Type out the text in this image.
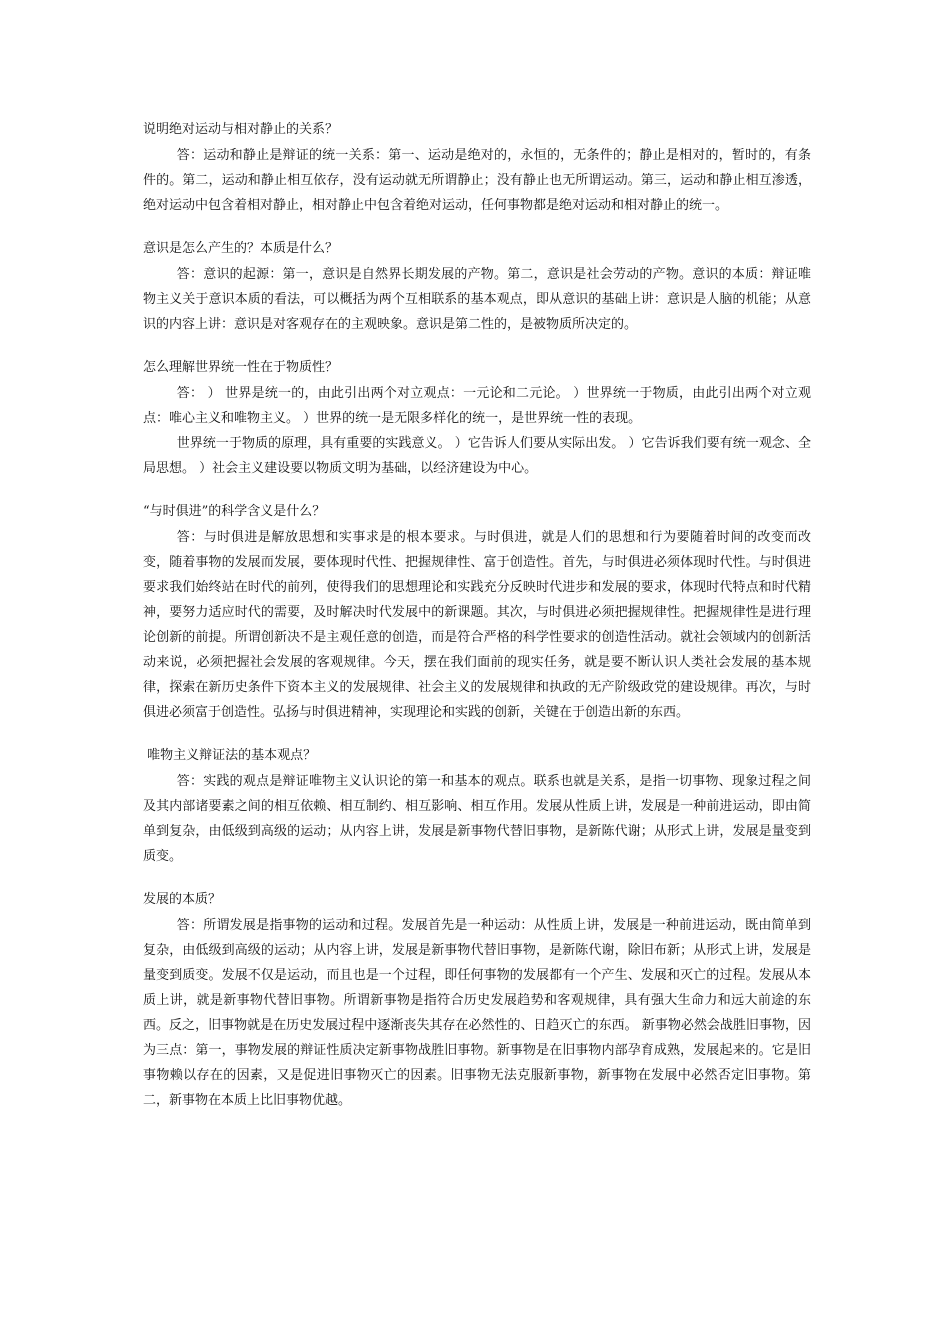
说明绝对运动与相对静止的关系？

答：运动和静止是辩证的统一关系：第一、运动是绝对的，永恒的，无条件的；静止是相对的，暂时的，有条件的。第二，运动和静止相互依存，没有运动就无所谓静止；没有静止也无所谓运动。第三，运动和静止相互渗透，绝对运动中包含着相对静止，相对静止中包含着绝对运动，任何事物都是绝对运动和相对静止的统一。

意识是怎么产生的？本质是什么？

答：意识的起源：第一，意识是自然界长期发展的产物。第二，意识是社会劳动的产物。意识的本质：辩证唯物主义关于意识本质的看法，可以概括为两个互相联系的基本观点，即从意识的基础上讲：意识是人脑的机能；从意识的内容上讲：意识是对客观存在的主观映象。意识是第二性的，是被物质所决定的。

怎么理解世界统一性在于物质性？

答： ） 世界是统一的，由此引出两个对立观点：一元论和二元论。 ）世界统一于物质，由此引出两个对立观点：唯心主义和唯物主义。 ）世界的统一是无限多样化的统一，是世界统一性的表现。

世界统一于物质的原理，具有重要的实践意义。 ）它告诉人们要从实际出发。 ）它告诉我们要有统一观念、全局思想。 ）社会主义建设要以物质文明为基础，以经济建设为中心。

“与时俱进”的科学含义是什么？

答：与时俱进是解放思想和实事求是的根本要求。与时俱进，就是人们的思想和行为要随着时间的改变而改变，随着事物的发展而发展，要体现时代性、把握规律性、富于创造性。首先，与时俱进必须体现时代性。与时俱进要求我们始终站在时代的前列，使得我们的思想理论和实践充分反映时代进步和发展的要求，体现时代特点和时代精神，要努力适应时代的需要，及时解决时代发展中的新课题。其次，与时俱进必须把握规律性。把握规律性是进行理论创新的前提。所谓创新决不是主观任意的创造，而是符合严格的科学性要求的创造性活动。就社会领域内的创新活动来说，必须把握社会发展的客观规律。今天，摆在我们面前的现实任务，就是要不断认识人类社会发展的基本规律，探索在新历史条件下资本主义的发展规律、社会主义的发展规律和执政的无产阶级政党的建设规律。再次，与时俱进必须富于创造性。弘扬与时俱进精神，实现理论和实践的创新，关键在于创造出新的东西。

唯物主义辩证法的基本观点？

答：实践的观点是辩证唯物主义认识论的第一和基本的观点。联系也就是关系，是指一切事物、现象过程之间及其内部诸要素之间的相互依赖、相互制约、相互影响、相互作用。发展从性质上讲，发展是一种前进运动，即由简单到复杂，由低级到高级的运动；从内容上讲，发展是新事物代替旧事物，是新陈代谢；从形式上讲，发展是量变到质变。

发展的本质？

答：所谓发展是指事物的运动和过程。发展首先是一种运动：从性质上讲，发展是一种前进运动，既由简单到复杂，由低级到高级的运动；从内容上讲，发展是新事物代替旧事物，是新陈代谢，除旧布新；从形式上讲，发展是量变到质变。发展不仅是运动，而且也是一个过程，即任何事物的发展都有一个产生、发展和灭亡的过程。发展从本质上讲，就是新事物代替旧事物。所谓新事物是指符合历史发展趋势和客观规律，具有强大生命力和远大前途的东西。反之，旧事物就是在历史发展过程中逐渐丧失其存在必然性的、日趋灭亡的东西。 新事物必然会战胜旧事物，因为三点：第一，事物发展的辩证性质决定新事物战胜旧事物。新事物是在旧事物内部孕育成熟，发展起来的。它是旧事物赖以存在的因素，又是促进旧事物灭亡的因素。旧事物无法克服新事物，新事物在发展中必然否定旧事物。第二，新事物在本质上比旧事物优越。
